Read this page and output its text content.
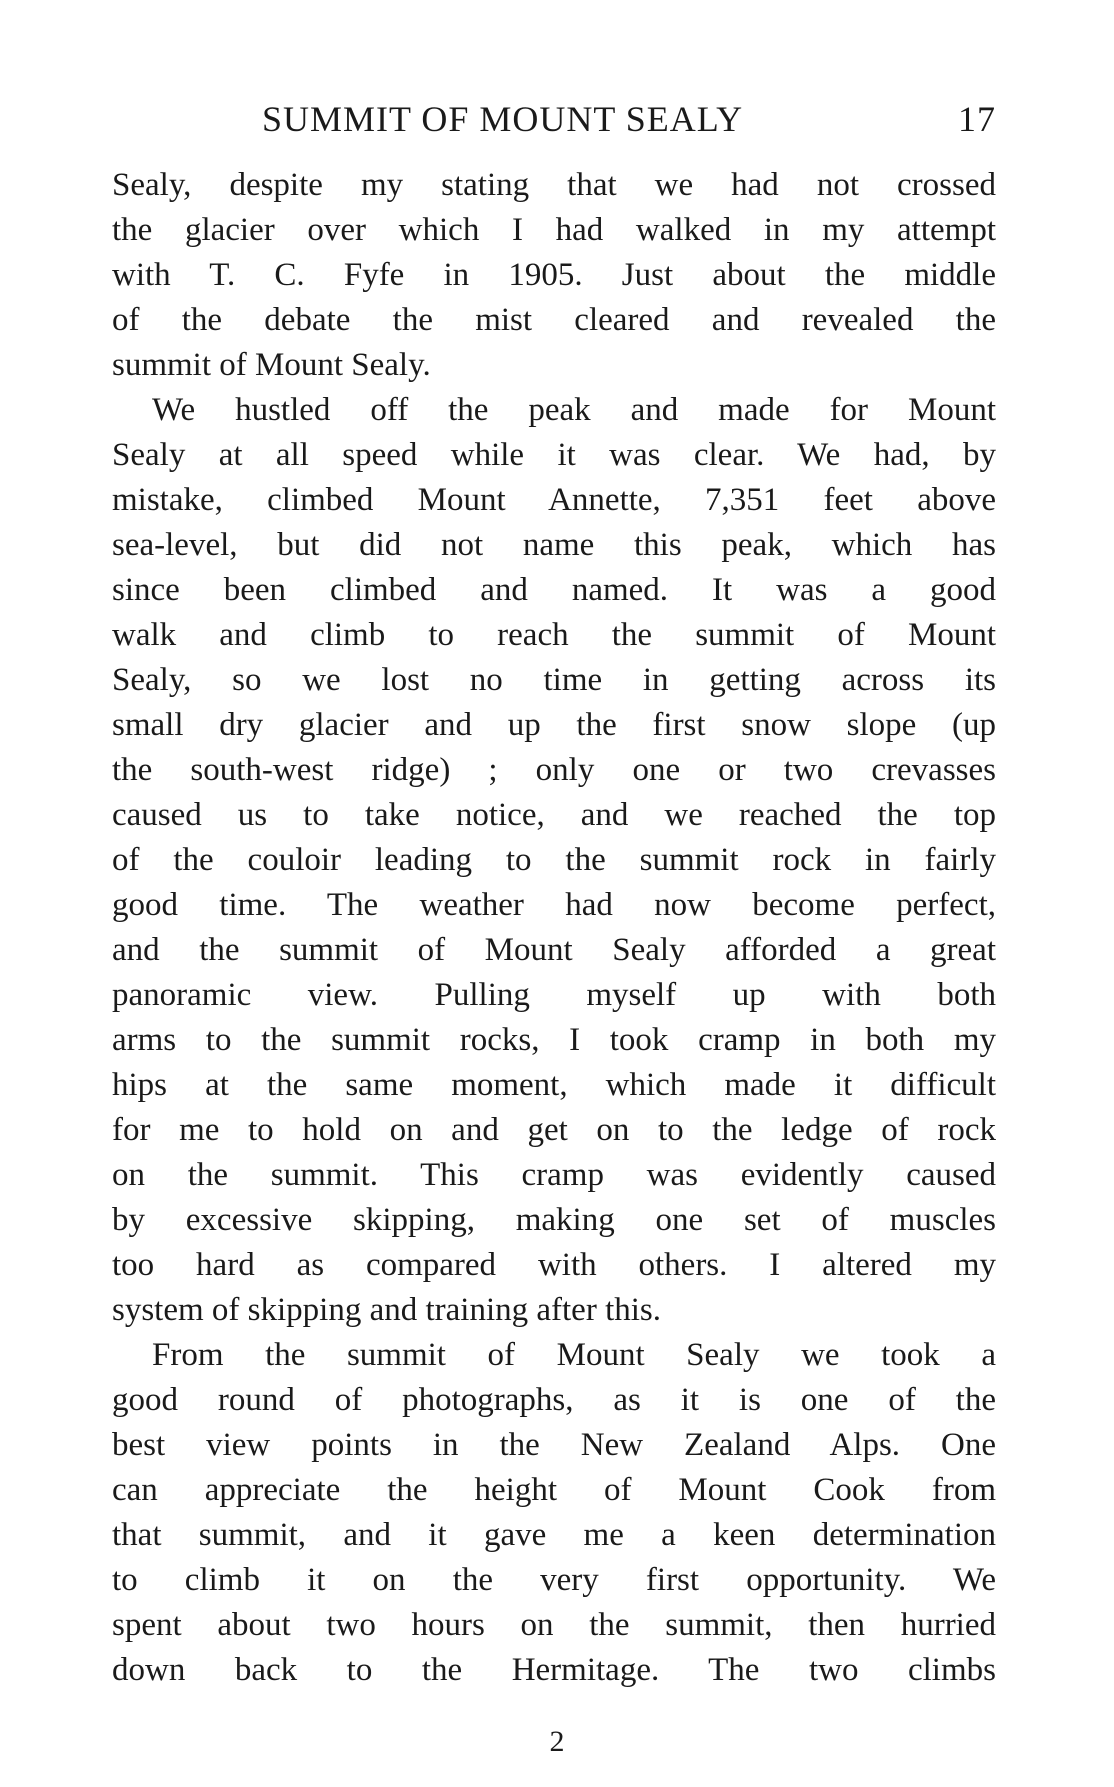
SUMMIT OF MOUNT SEALY	17
Sealy, despite my stating that we had not crossed
the glacier over which I had walked in my attempt
with T. C. Fyfe in 1905. Just about the middle
of the debate the mist cleared and revealed the
summit of Mount Sealy.
We hustled off the peak and made for Mount
Sealy at all speed while it was clear. We had, by
mistake, climbed Mount Annette, 7,351 feet above
sea-level, but did not name this peak, which has
since been climbed and named. It was a good
walk and climb to reach the summit of Mount
Sealy, so we lost no time in getting across its
small dry glacier and up the first snow slope (up
the south-west ridge) ; only one or two crevasses
caused us to take notice, and we reached the top
of the couloir leading to the summit rock in fairly
good time. The weather had now become perfect,
and the summit of Mount Sealy afforded a great
panoramic view. Pulling myself up with both
arms to the summit rocks, I took cramp in both my
hips at the same moment, which made it difficult
for me to hold on and get on to the ledge of rock
on the summit. This cramp was evidently caused
by excessive skipping, making one set of muscles
too hard as compared with others. I altered my
system of skipping and training after this.
From the summit of Mount Sealy we took a
good round of photographs, as it is one of the
best view points in the New Zealand Alps. One
can appreciate the height of Mount Cook from
that summit, and it gave me a keen determination
to climb it on the very first opportunity. We
spent about two hours on the summit, then hurried
down back to the Hermitage. The two climbs
2
